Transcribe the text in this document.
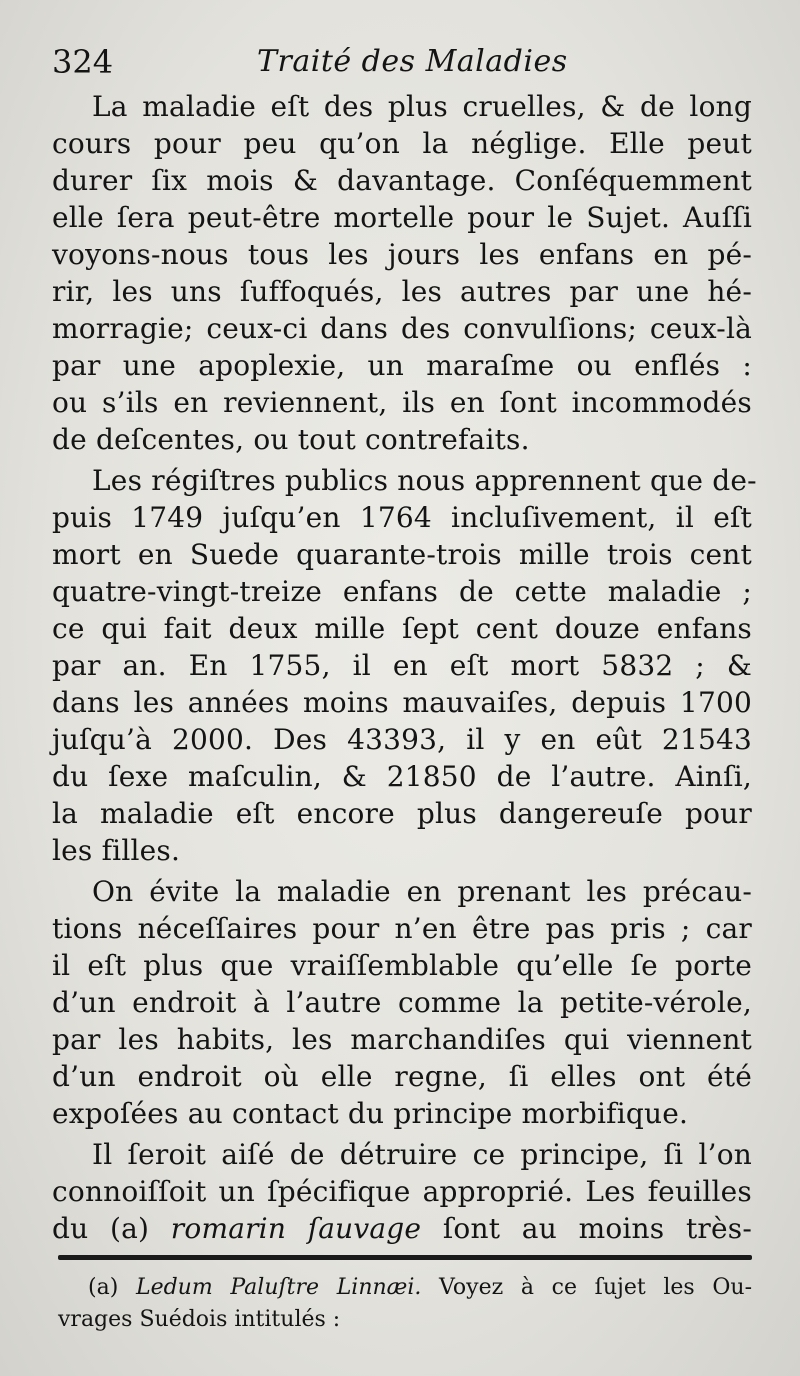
324	Traité des Maladies
La maladie eſt des plus cruelles, & de long
cours pour peu qu’on la néglige. Elle peut
durer ſix mois & davantage. Conſéquemment
elle ſera peut-être mortelle pour le Sujet. Auſſi
voyons-nous tous les jours les enfans en pé-
rir, les uns ſuffoqués, les autres par une hé-
morragie; ceux-ci dans des convulſions; ceux-là
par une apoplexie, un maraſme ou enflés :
ou s’ils en reviennent, ils en ſont incommodés
de deſcentes, ou tout contrefaits.
Les régiſtres publics nous apprennent que de-
puis 1749 juſqu’en 1764 incluſivement, il eſt
mort en Suede quarante-trois mille trois cent
quatre-vingt-treize enfans de cette maladie ;
ce qui fait deux mille ſept cent douze enfans
par an. En 1755, il en eſt mort 5832 ; &
dans les années moins mauvaiſes, depuis 1700
juſqu’à 2000. Des 43393, il y en eût 21543
du ſexe maſculin, & 21850 de l’autre. Ainſi,
la maladie eſt encore plus dangereuſe pour
les filles.
On évite la maladie en prenant les précau-
tions néceſſaires pour n’en être pas pris ; car
il eſt plus que vraiſſemblable qu’elle ſe porte
d’un endroit à l’autre comme la petite-vérole,
par les habits, les marchandiſes qui viennent
d’un endroit où elle regne, ſi elles ont été
expoſées au contact du principe morbifique.
Il ſeroit aiſé de détruire ce principe, ſi l’on
connoiſſoit un ſpécifique approprié. Les feuilles
du (a) romarin ſauvage ſont au moins très-
(a) Ledum Paluſtre Linnæi. Voyez à ce ſujet les Ou-
vrages Suédois intitulés :
